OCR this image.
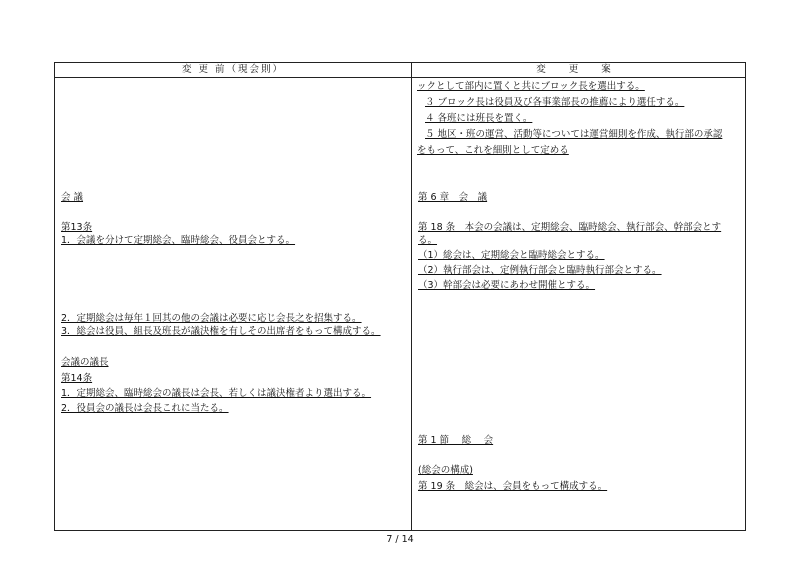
変 更 前（現会則）	変 更 案
会 議
第13条
1．会議を分けて定期総会、臨時総会、役員会とする。
2．定期総会は毎年１回其の他の会議は必要に応じ会長之を招集する。
3．総会は役員、組長及班長が議決権を有しその出席者をもって構成する。
会議の議長
第14条
1．定期総会、臨時総会の議長は会長、若しくは議決権者より選出する。
2．役員会の議長は会長これに当たる。
ックとして部内に置くと共にブロック長を選出する。
３ ブロック長は役員及び各事業部長の推薦により選任する。
４ 各班には班長を置く。
５ 地区・班の運営、活動等については運営細則を作成、執行部の承認
をもって、これを細則として定める
第 6 章　会　議
第 18 条　本会の会議は、定期総会、臨時総会、執行部会、幹部会とす
る。
（1）総会は、定期総会と臨時総会とする。
（2）執行部会は、定例執行部会と臨時執行部会とする。
（3）幹部会は必要にあわせ開催とする。
第 1 節　 総　 会
(総会の構成)
第 19 条　総会は、会員をもって構成する。
7 / 14
